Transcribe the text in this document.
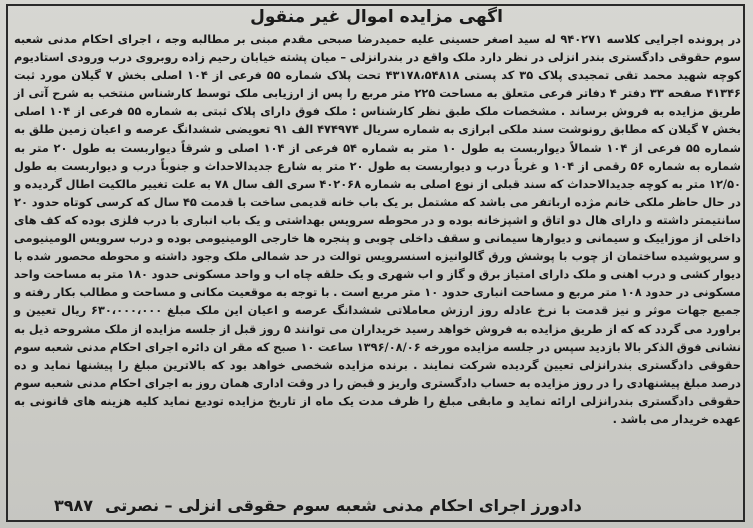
اگهی مزایده اموال غیر منقول

در پرونده اجرایی کلاسه ۹۴۰۲۷۱ له سید اصغر حسینی علیه حمیدرضا صبحی مقدم مبنی بر مطالبه وجه ، اجرای احکام مدنی شعبه سوم حقوقی دادگستری بندر انزلی در نظر دارد ملک واقع در بندرانزلی – میان پشته خیابان رحیم زاده روبروی درب ورودی استادیوم کوچه شهید محمد تقی تمجیدی پلاک ۳۵ کد پستی ۴۳۱۷۸،۵۴۸۱۸ تحت پلاک شماره ۵۵ فرعی از ۱۰۴ اصلی بخش ۷ گیلان مورد ثبت ۴۱۳۴۶ صفحه ۳۳ دفتر ۴ دفاتر فرعی متعلق به مساحت ۲۲۵ متر مربع را پس از ارزیابی ملک توسط کارشناس منتخب به شرح آتی از طریق مزایده به فروش برساند . مشخصات ملک طبق نظر کارشناس : ملک فوق دارای پلاک ثبتی به شماره ۵۵ فرعی از ۱۰۴ اصلی بخش ۷ گیلان که مطابق رونوشت سند ملکی ابرازی به شماره سریال ۴۷۴۹۷۴ الف ۹۱ تعویضی ششدانگ عرصه و اعیان زمین طلق به شماره ۵۵ فرعی از ۱۰۴ شمالاً دیواربست به طول ۱۰ متر به شماره ۵۴ فرعی از ۱۰۴ اصلی و شرقاً دیواربست به طول ۲۰ متر به شماره به شماره ۵۶ رقمی از ۱۰۴ و غرباً درب و دیواربست به طول ۲۰ متر به شارع جدیدالاحداث و جنوباً درب و دیواربست به طول ۱۲/۵۰ متر به کوچه جدیدالاحداث که سند قبلی از نوع اصلی به شماره ۴۰۲۰۶۸ سری الف سال ۷۸ به علت تغییر مالکیت اطال گردیده و در حال حاظر ملکی خانم مژده ارباتفر می باشد که مشتمل بر یک باب خانه قدیمی ساخت با قدمت ۴۵ سال که کرسی کوتاه حدود ۲۰ سانتیمتر داشته و دارای هال دو اتاق و اشپزخانه بوده و در محوطه سرویس بهداشتی و یک باب انباری با درب فلزی بوده که کف های داخلی از موزاییک و سیمانی و دیوارها سیمانی و سقف داخلی چوبی و پنجره ها خارجی الومینیومی بوده و درب سرویس الومینیومی و سرپوشیده ساختمان از چوب با پوشش ورق گالوانیزه اسنسرویس توالت در حد شمالی ملک وجود داشته و محوطه محصور شده با دیوار کشی و درب اهنی و ملک دارای امتیاز برق و گاز و اب شهری و یک حلقه چاه اب و واحد مسکونی حدود ۱۸۰ متر به مساحت واحد مسکونی در حدود ۱۰۸ متر مربع و مساحت انباری حدود ۱۰ متر مربع است . با توجه به موقعیت مکانی و مساحت و مطالب بکار رفته و جمیع جهات موثر و نیز قدمت با نرخ عادله روز ارزش معاملاتی ششدانگ عرصه و اعیان این ملک مبلغ ۶۳۰،۰۰۰،۰۰۰ ریال تعیین و براورد می گردد که که از طریق مزایده به فروش خواهد رسید خریداران می توانند ۵ روز قبل از جلسه مزایده از ملک مشروحه ذیل به نشانی فوق الذکر بالا بازدید سپس در جلسه مزایده مورخه ۱۳۹۶/۰۸/۰۶ ساعت ۱۰ صبح که مقر ان دائره اجرای احکام مدنی شعبه سوم حقوقی دادگستری بندرانزلی تعیین گردیده شرکت نمایند . برنده مزایده شخصی خواهد بود که بالاترین مبلغ را پیشنها نماید و ده درصد مبلغ پیشنهادی را در روز مزایده به حساب دادگستری واریز و قبض را در وقت اداری همان روز به اجرای احکام مدنی شعبه سوم حقوقی دادگستری بندرانزلی ارائه نماید و مابقی مبلغ را ظرف مدت یک ماه از تاریخ مزایده تودیع نماید کلیه هزینه های قانونی به عهده خریدار می باشد .

دادورز اجرای احکام مدنی شعبه سوم حقوقی انزلی – نصرتی
۳۹۸۷
